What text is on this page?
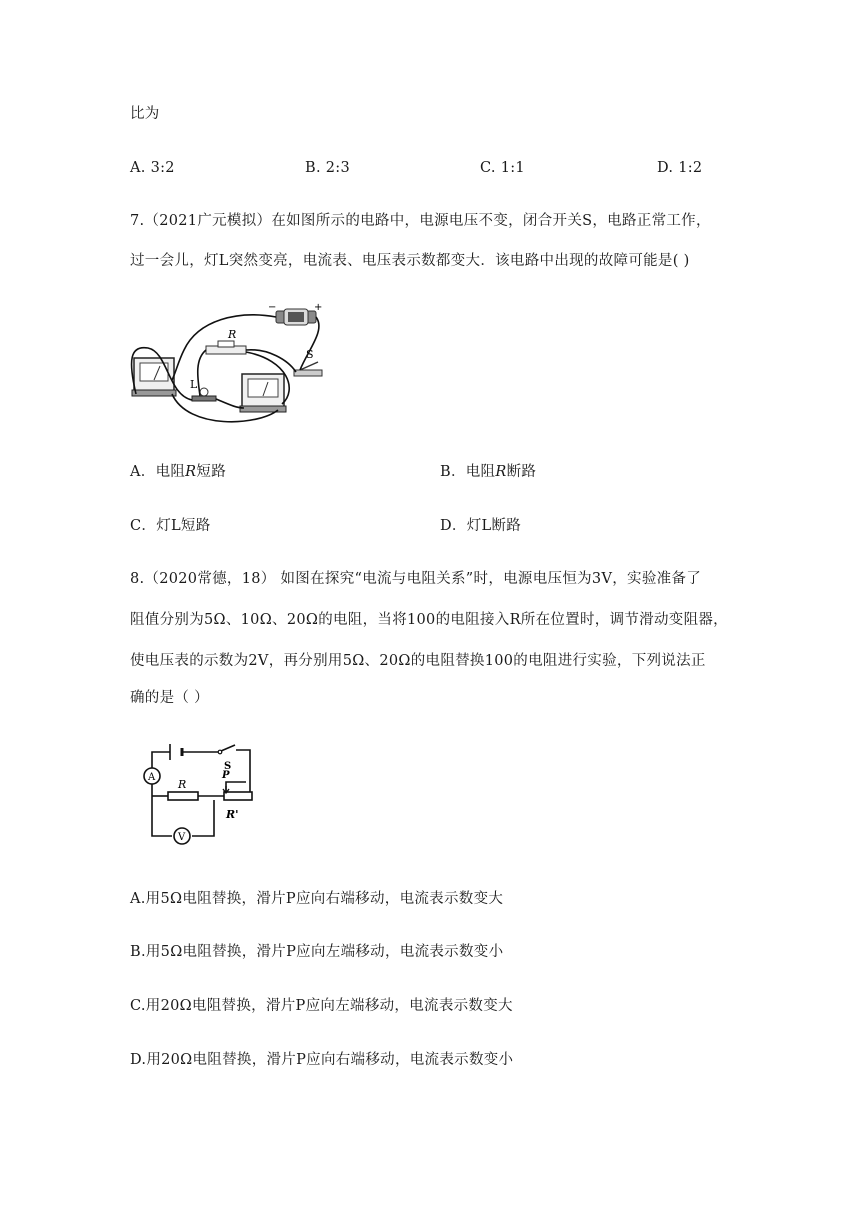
比为
A. 3:2	B. 2:3	C. 1:1	D. 1:2
7.（2021广元模拟）在如图所示的电路中，电源电压不变，闭合开关S，电路正常工作，
过一会儿，灯L突然变亮，电流表、电压表示数都变大．该电路中出现的故障可能是( )
−	+
R
S
L
A．电阻R短路	B．电阻R断路
C．灯L短路	D．灯L断路
8.（2020常德，18） 如图在探究“电流与电阻关系”时，电源电压恒为3V，实验准备了
阻值分别为5Ω、10Ω、20Ω的电阻，当将100的电阻接入R所在位置时，调节滑动变阻器，
使电压表的示数为2V，再分别用5Ω、20Ω的电阻替换100的电阻进行实验，下列说法正
确的是（ ）
S
A
R
P
R'
V
A.用5Ω电阻替换，滑片P应向右端移动，电流表示数变大
B.用5Ω电阻替换，滑片P应向左端移动，电流表示数变小
C.用20Ω电阻替换，滑片P应向左端移动，电流表示数变大
D.用20Ω电阻替换，滑片P应向右端移动，电流表示数变小
